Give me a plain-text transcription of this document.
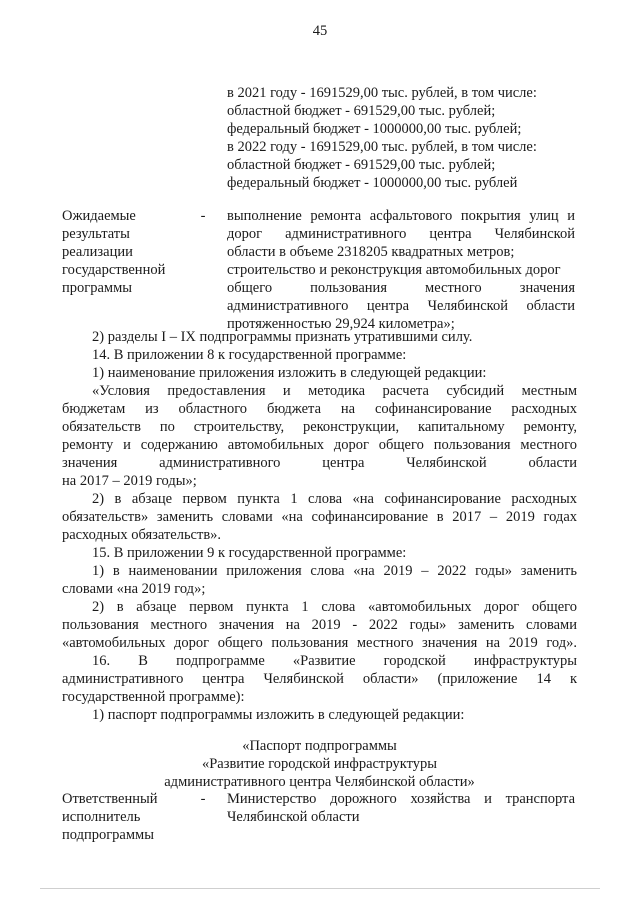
45
в 2021 году - 1691529,00 тыс. рублей, в том числе:
областной бюджет - 691529,00 тыс. рублей;
федеральный бюджет - 1000000,00 тыс. рублей;
в 2022 году - 1691529,00 тыс. рублей, в том числе:
областной бюджет - 691529,00 тыс. рублей;
федеральный бюджет - 1000000,00 тыс. рублей
Ожидаемые
результаты
реализации
государственной
программы
- выполнение ремонта асфальтового покрытия улиц и
дорог административного центра Челябинской
области в объеме 2318205 квадратных метров;
строительство и реконструкция автомобильных дорог
общего пользования местного значения
административного центра Челябинской области
протяженностью 29,924 километра»;
2) разделы I – IX подпрограммы признать утратившими силу.
14. В приложении 8 к государственной программе:
1) наименование приложения изложить в следующей редакции:
«Условия предоставления и методика расчета субсидий местным
бюджетам из областного бюджета на софинансирование расходных
обязательств по строительству, реконструкции, капитальному ремонту,
ремонту и содержанию автомобильных дорог общего пользования местного
значения административного центра Челябинской области
на 2017 – 2019 годы»;
2) в абзаце первом пункта 1 слова «на софинансирование расходных
обязательств» заменить словами «на софинансирование в 2017 – 2019 годах
расходных обязательств».
15. В приложении 9 к государственной программе:
1) в наименовании приложения слова «на 2019 – 2022 годы» заменить
словами «на 2019 год»;
2) в абзаце первом пункта 1 слова «автомобильных дорог общего
пользования местного значения на 2019 - 2022 годы» заменить словами
«автомобильных дорог общего пользования местного значения на 2019 год».
16. В подпрограмме «Развитие городской инфраструктуры
административного центра Челябинской области» (приложение 14 к
государственной программе):
1) паспорт подпрограммы изложить в следующей редакции:
«Паспорт подпрограммы
«Развитие городской инфраструктуры
административного центра Челябинской области»
Ответственный
исполнитель
подпрограммы
- Министерство дорожного хозяйства и транспорта
Челябинской области
